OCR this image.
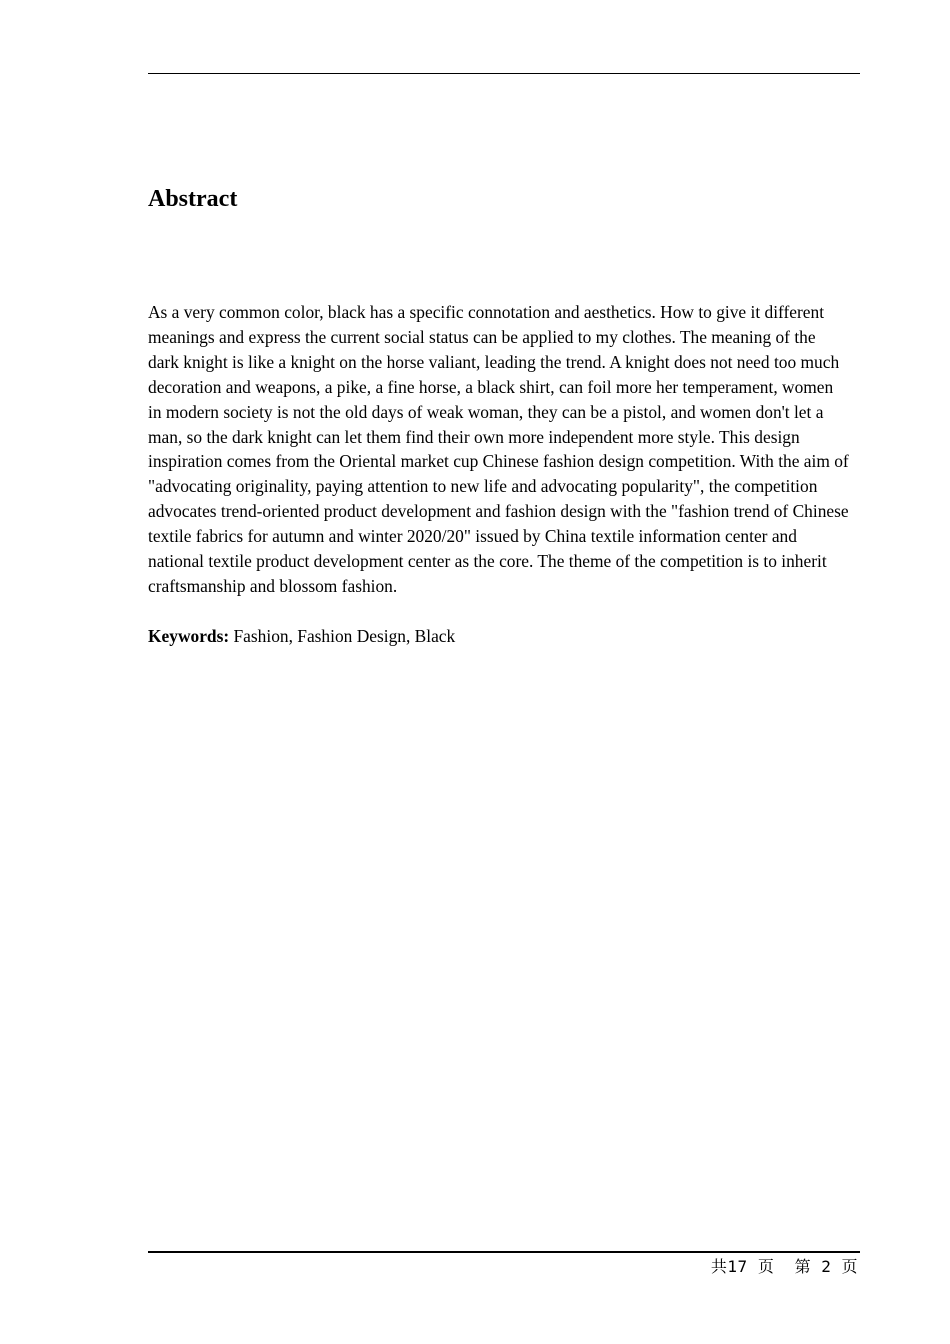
Abstract

As a very common color, black has a specific connotation and aesthetics. How to give it different meanings and express the current social status can be applied to my clothes. The meaning of the dark knight is like a knight on the horse valiant, leading the trend. A knight does not need too much decoration and weapons, a pike, a fine horse, a black shirt, can foil more her temperament, women in modern society is not the old days of weak woman, they can be a pistol, and women don't let a man, so the dark knight can let them find their own more independent more style. This design inspiration comes from the Oriental market cup Chinese fashion design competition. With the aim of "advocating originality, paying attention to new life and advocating popularity", the competition advocates trend-oriented product development and fashion design with the "fashion trend of Chinese textile fabrics for autumn and winter 2020/20" issued by China textile information center and national textile product development center as the core. The theme of the competition is to inherit craftsmanship and blossom fashion.

Keywords: Fashion, Fashion Design, Black

共17 页  第 2 页
